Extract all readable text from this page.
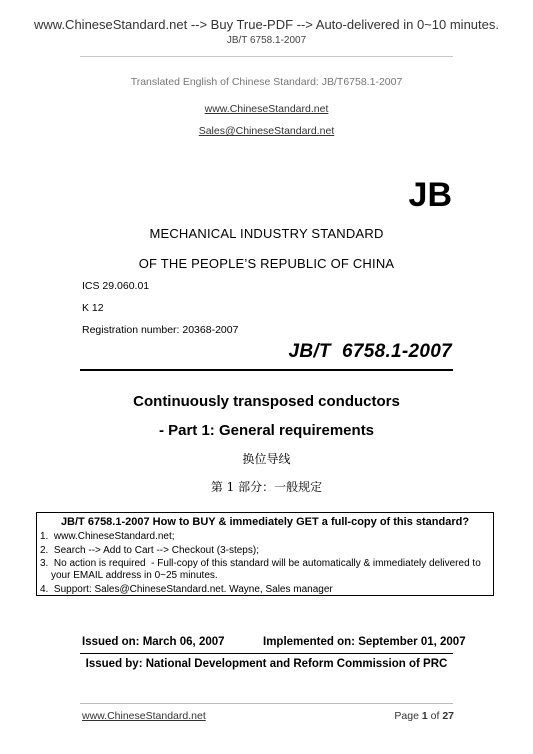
www.ChineseStandard.net --> Buy True-PDF --> Auto-delivered in 0~10 minutes.
JB/T 6758.1-2007
Translated English of Chinese Standard: JB/T6758.1-2007
www.ChineseStandard.net
Sales@ChineseStandard.net
JB
MECHANICAL INDUSTRY STANDARD
OF THE PEOPLE’S REPUBLIC OF CHINA
ICS 29.060.01
K 12
Registration number: 20368-2007
JB/T  6758.1-2007
Continuously transposed conductors
- Part 1: General requirements
换位导线
第 1 部分：一般规定
JB/T 6758.1-2007 How to BUY & immediately GET a full-copy of this standard?
1.  www.ChineseStandard.net;
2.  Search --> Add to Cart --> Checkout (3-steps);
3.  No action is required  - Full-copy of this standard will be automatically & immediately delivered to your EMAIL address in 0~25 minutes.
4.  Support: Sales@ChineseStandard.net. Wayne, Sales manager
Issued on: March 06, 2007	Implemented on: September 01, 2007
Issued by: National Development and Reform Commission of PRC
www.ChineseStandard.net	Page 1 of 27
